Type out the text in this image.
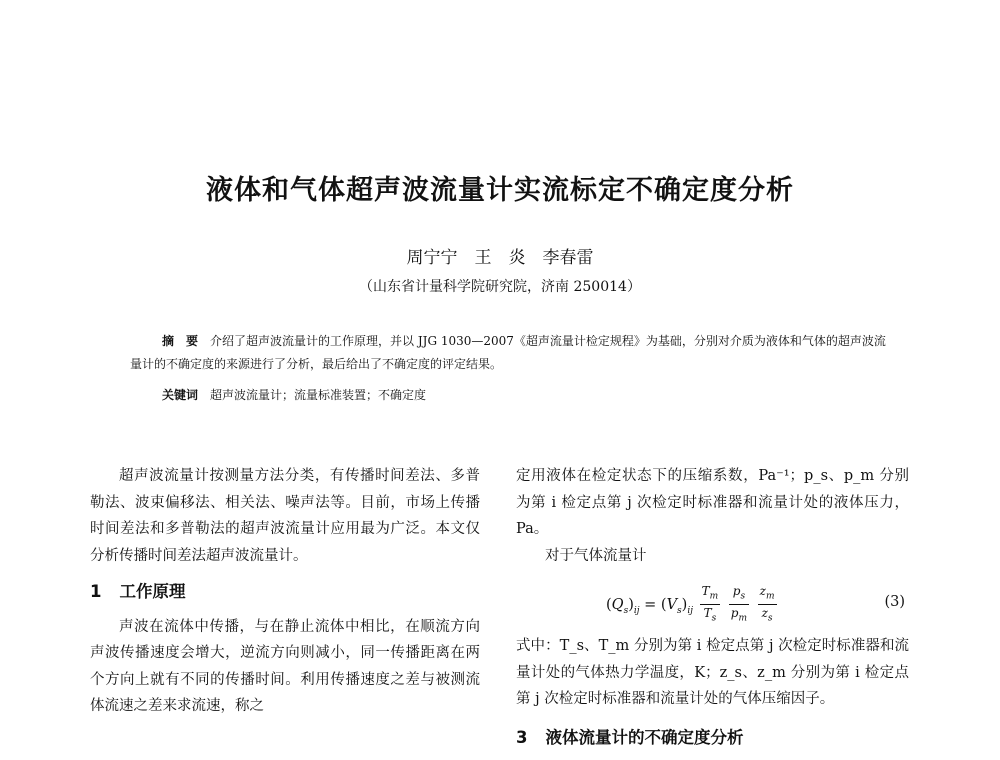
液体和气体超声波流量计实流标定不确定度分析
周宁宁　王　炎　李春雷
（山东省计量科学院研究院，济南 250014）

摘　要 介绍了超声波流量计的工作原理，并以 JJG 1030—2007《超声流量计检定规程》为基础，分别对介质为液体和气体的超声波流量计的不确定度的来源进行了分析，最后给出了不确定度的评定结果。

关键词 超声波流量计；流量标准装置；不确定度

超声波流量计按测量方法分类，有传播时间差法、多普勒法、波束偏移法、相关法、噪声法等。目前，市场上传播时间差法和多普勒法的超声波流量计应用最为广泛。本文仅分析传播时间差法超声波流量计。

1 工作原理

声波在流体中传播，与在静止流体中相比，在顺流方向声波传播速度会增大，逆流方向则减小，同一传播距离在两个方向上就有不同的传播时间。利用传播速度之差与被测流体流速之差来求流速，称之

定用液体在检定状态下的压缩系数，Pa⁻¹；p_s、p_m 分别为第 i 检定点第 j 次检定时标准器和流量计处的液体压力，Pa。

对于气体流量计

$(Q_s)_{ij} = (V_s)_{ij} \frac{T_m}{T_s}$
$\frac{p_s}{p_m}$
$\frac{z_m}{z_s}$	(3)

式中：T_s、T_m 分别为第 i 检定点第 j 次检定时标准器和流量计处的气体热力学温度，K；z_s、z_m 分别为第 i 检定点第 j 次检定时标准器和流量计处的气体压缩因子。

3 液体流量计的不确定度分析
